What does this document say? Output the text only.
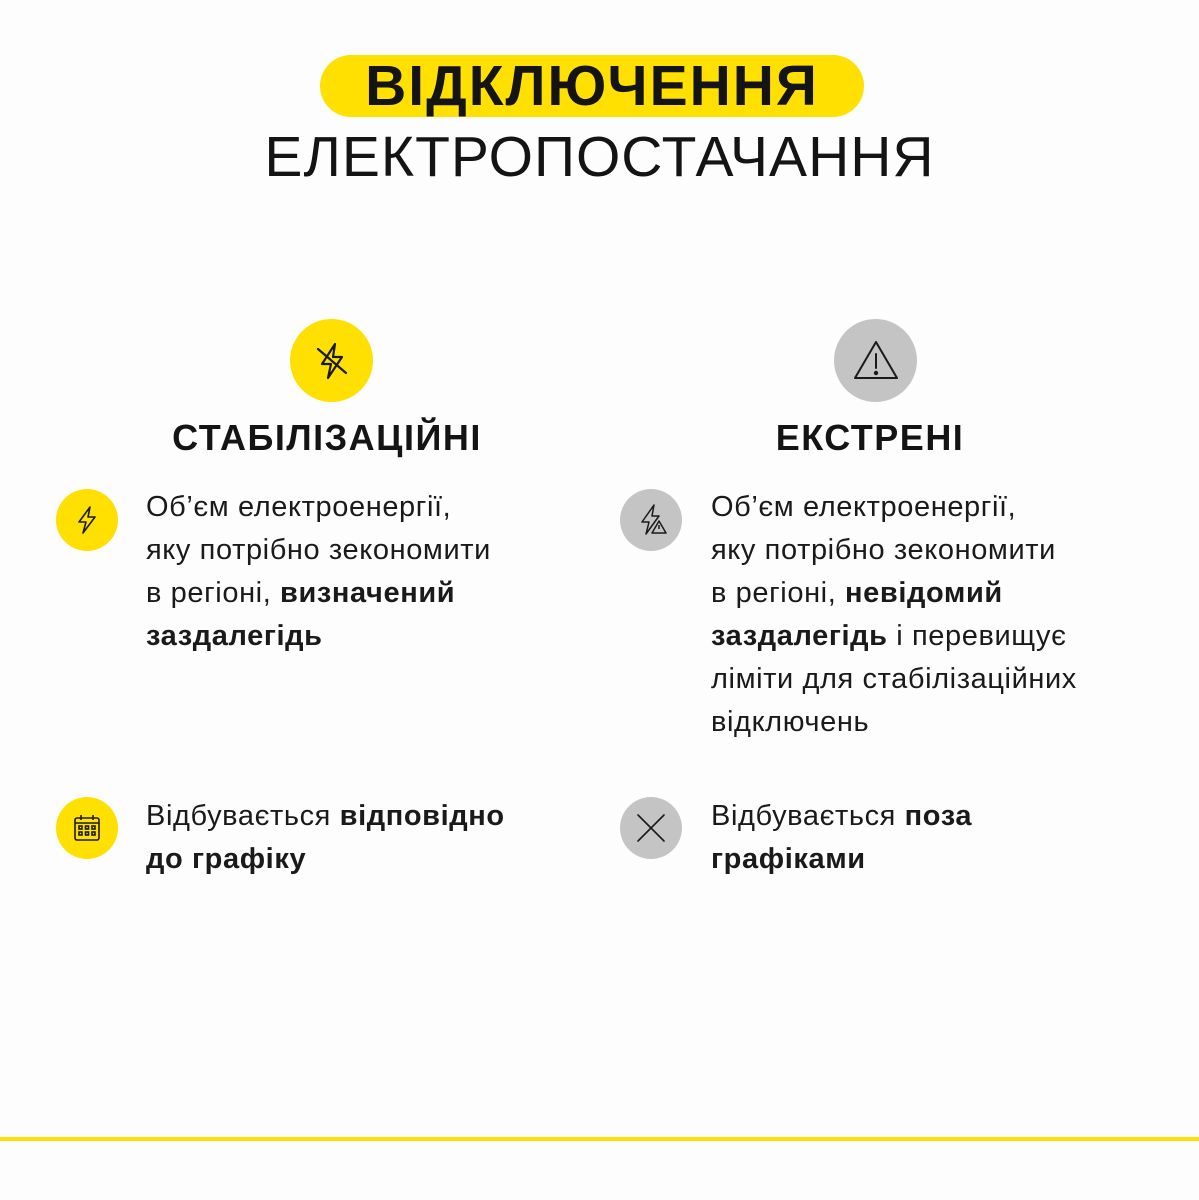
ВІДКЛЮЧЕННЯ
ЕЛЕКТРОПОСТАЧАННЯ
СТАБІЛІЗАЦІЙНІ
Об’єм електроенергії,
яку потрібно зекономити
в регіоні, визначений
заздалегідь
Відбувається відповідно
до графіку
ЕКСТРЕНІ
Об’єм електроенергії,
яку потрібно зекономити
в регіоні, невідомий
заздалегідь і перевищує
ліміти для стабілізаційних
відключень
Відбувається поза
графіками
